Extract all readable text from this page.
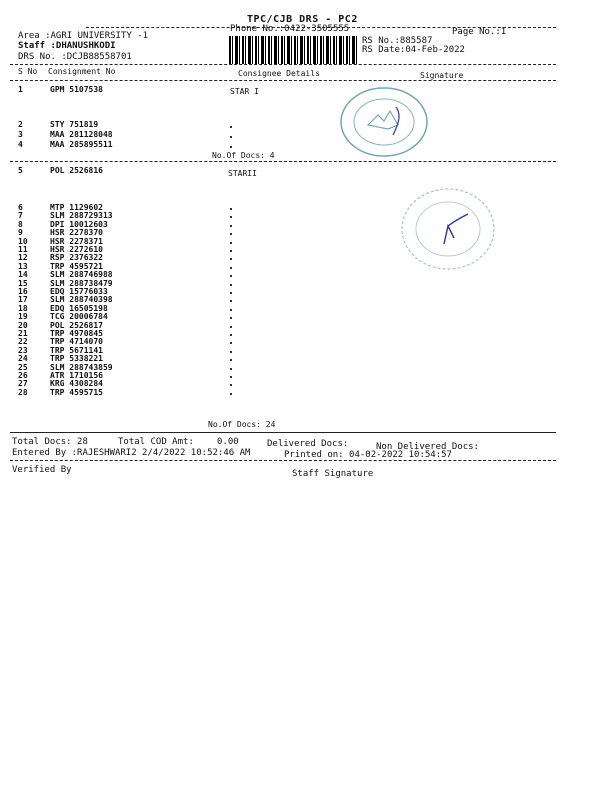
TPC/CJB DRS - PC2
Phone No.:0422-3505555	Page No.:1
Area :AGRI UNIVERSITY -1
Staff :DHANUSHKODI
DRS No. :DCJB88558701
RS No.:885587
RS Date:04-Feb-2022
S No Consignment No	Consignee Details	Signature
STAR I
1	GPM 5107538
2	STY 751819
3	MAA 281128048
4	MAA 285895511
No.Of Docs: 4
STARII
5	POL 2526816
6	MTP 1129602
7	SLM 288729313
8	DPI 10012603
9	HSR 2278370
10	HSR 2278371
11	HSR 2272610
12	RSP 2376322
13	TRP 4595721
14	SLM 288746988
15	SLM 288738479
16	EDQ 15776033
17	SLM 288740398
18	EDQ 16505198
19	TCG 20006784
20	POL 2526817
21	TRP 4970845
22	TRP 4714070
23	TRP 5671141
24	TRP 5338221
25	SLM 288743859
26	ATR 1710156
27	KRG 4308284
28	TRP 4595715
No.Of Docs: 24
Total Docs: 28	Total COD Amt:	0.00	Delivered Docs:	Non Delivered Docs:
Entered By :RAJESHWARI2 2/4/2022 10:52:46 AM	Printed on: 04-02-2022 10:54:57
Verified By	Staff Signature
